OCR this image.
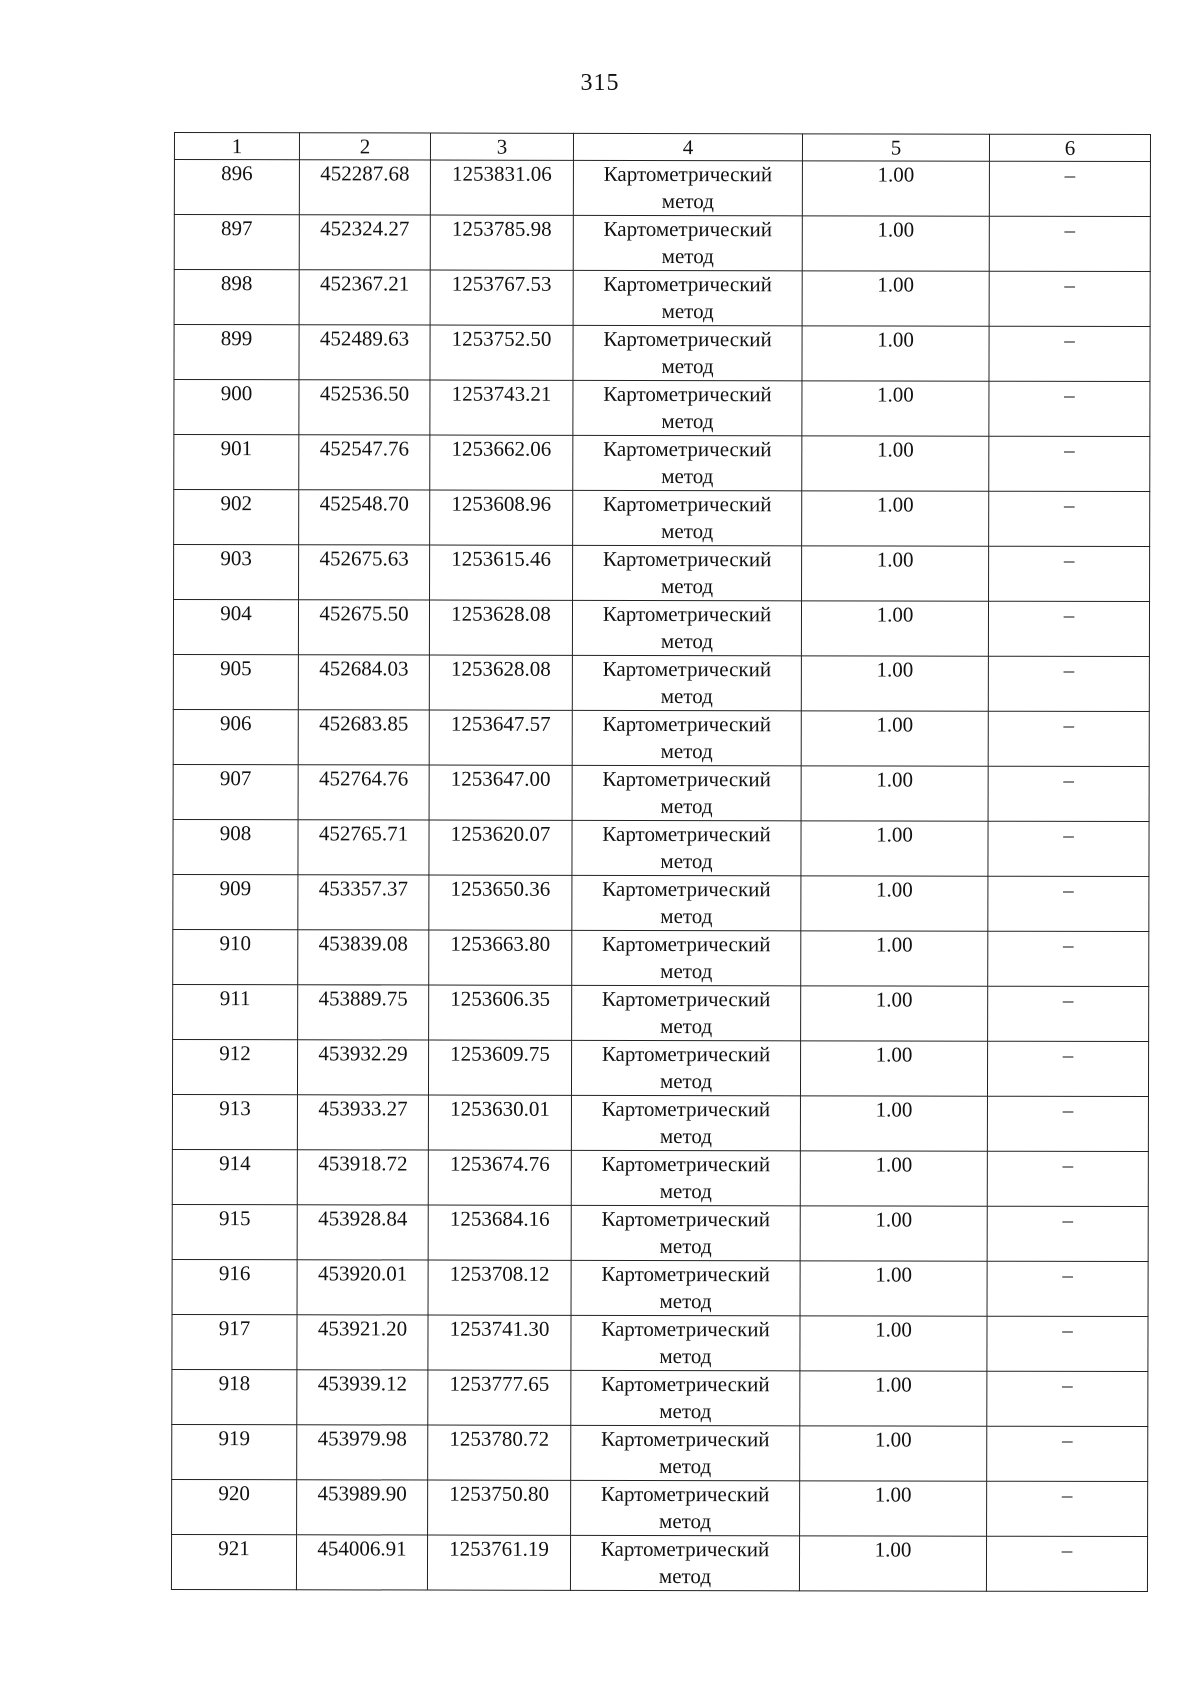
315
1	2	3	4	5	6
896	452287.68	1253831.06	Картометрический метод	1.00	–
897	452324.27	1253785.98	Картометрический метод	1.00	–
898	452367.21	1253767.53	Картометрический метод	1.00	–
899	452489.63	1253752.50	Картометрический метод	1.00	–
900	452536.50	1253743.21	Картометрический метод	1.00	–
901	452547.76	1253662.06	Картометрический метод	1.00	–
902	452548.70	1253608.96	Картометрический метод	1.00	–
903	452675.63	1253615.46	Картометрический метод	1.00	–
904	452675.50	1253628.08	Картометрический метод	1.00	–
905	452684.03	1253628.08	Картометрический метод	1.00	–
906	452683.85	1253647.57	Картометрический метод	1.00	–
907	452764.76	1253647.00	Картометрический метод	1.00	–
908	452765.71	1253620.07	Картометрический метод	1.00	–
909	453357.37	1253650.36	Картометрический метод	1.00	–
910	453839.08	1253663.80	Картометрический метод	1.00	–
911	453889.75	1253606.35	Картометрический метод	1.00	–
912	453932.29	1253609.75	Картометрический метод	1.00	–
913	453933.27	1253630.01	Картометрический метод	1.00	–
914	453918.72	1253674.76	Картометрический метод	1.00	–
915	453928.84	1253684.16	Картометрический метод	1.00	–
916	453920.01	1253708.12	Картометрический метод	1.00	–
917	453921.20	1253741.30	Картометрический метод	1.00	–
918	453939.12	1253777.65	Картометрический метод	1.00	–
919	453979.98	1253780.72	Картометрический метод	1.00	–
920	453989.90	1253750.80	Картометрический метод	1.00	–
921	454006.91	1253761.19	Картометрический метод	1.00	–
